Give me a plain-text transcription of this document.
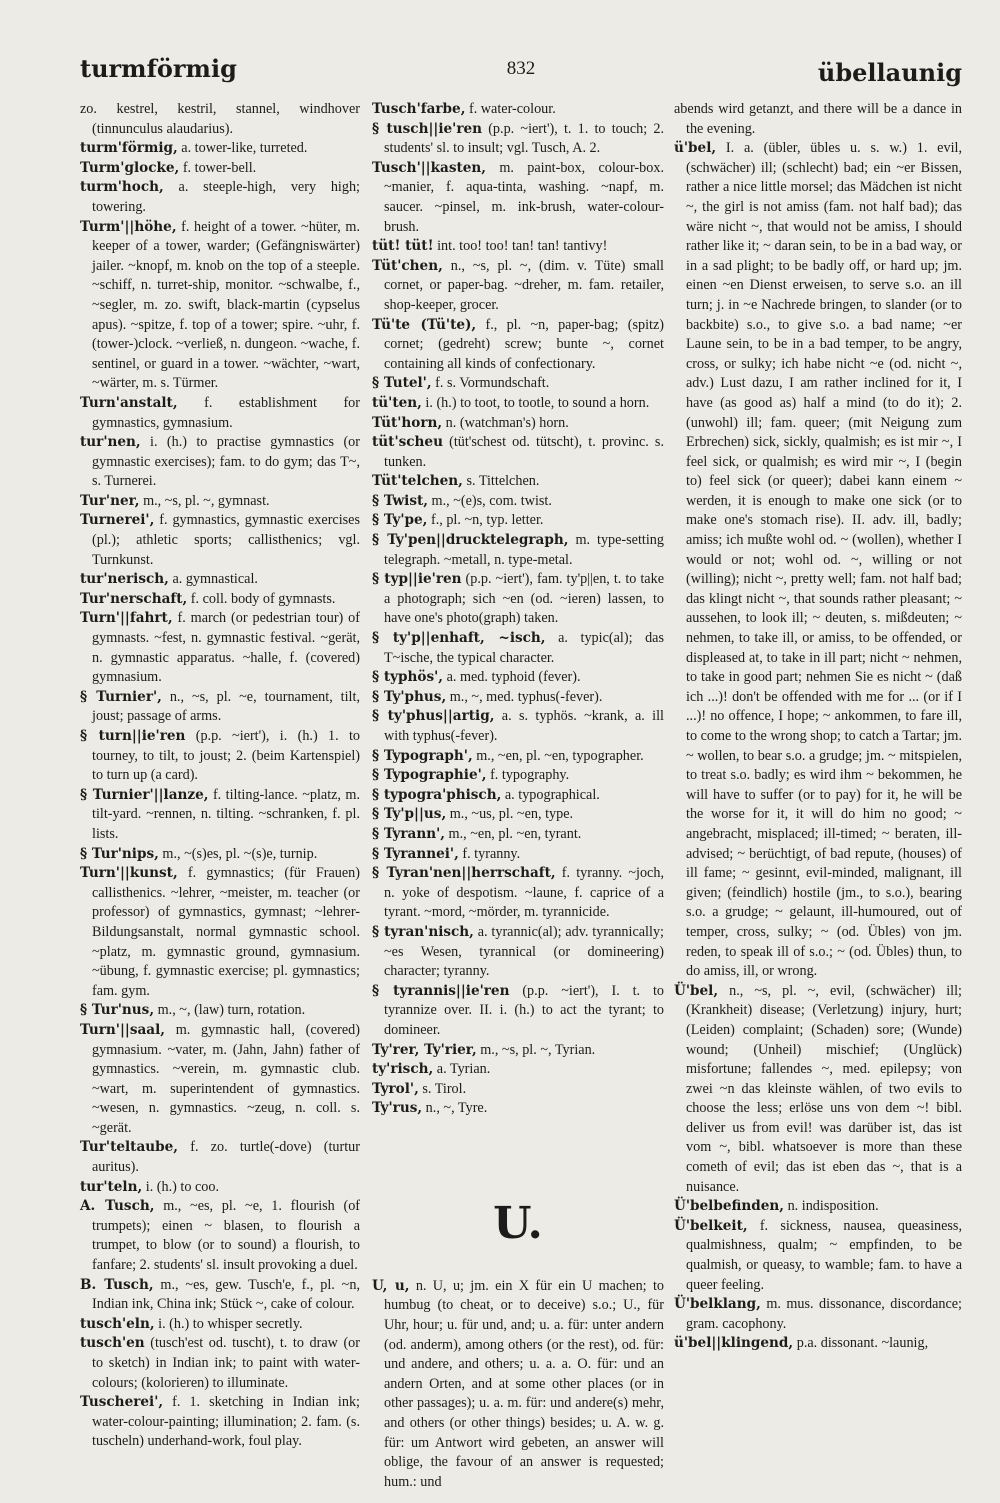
turmförmig	832	übellaunig

zo. kestrel, kestril, stannel, windhover (tinnunculus alaudarius).

turm'förmig, a. tower-like, turreted.

Turm'glocke, f. tower-bell.

turm'hoch, a. steeple-high, very high; towering.

Turm'||höhe, f. height of a tower. ~hüter, m. keeper of a tower, warder; (Gefängniswärter) jailer. ~knopf, m. knob on the top of a steeple. ~schiff, n. turret-ship, monitor. ~schwalbe, f., ~segler, m. zo. swift, black-martin (cypselus apus). ~spitze, f. top of a tower; spire. ~uhr, f. (tower-)clock. ~verließ, n. dungeon. ~wache, f. sentinel, or guard in a tower. ~wächter, ~wart, ~wärter, m. s. Türmer.

Turn'anstalt, f. establishment for gymnastics, gymnasium.

tur'nen, i. (h.) to practise gymnastics (or gymnastic exercises); fam. to do gym; das T~, s. Turnerei.

Tur'ner, m., ~s, pl. ~, gymnast.

Turnerei', f. gymnastics, gymnastic exercises (pl.); athletic sports; callisthenics; vgl. Turnkunst.

tur'nerisch, a. gymnastical.

Tur'nerschaft, f. coll. body of gymnasts.

Turn'||fahrt, f. march (or pedestrian tour) of gymnasts. ~fest, n. gymnastic festival. ~gerät, n. gymnastic apparatus. ~halle, f. (covered) gymnasium.

§ Turnier', n., ~s, pl. ~e, tournament, tilt, joust; passage of arms.

§ turn||ie'ren (p.p. ~iert'), i. (h.) 1. to tourney, to tilt, to joust; 2. (beim Kartenspiel) to turn up (a card).

§ Turnier'||lanze, f. tilting-lance. ~platz, m. tilt-yard. ~rennen, n. tilting. ~schranken, f. pl. lists.

§ Tur'nips, m., ~(s)es, pl. ~(s)e, turnip.

Turn'||kunst, f. gymnastics; (für Frauen) callisthenics. ~lehrer, ~meister, m. teacher (or professor) of gymnastics, gymnast; ~lehrer-Bildungsanstalt, normal gymnastic school. ~platz, m. gymnastic ground, gymnasium. ~übung, f. gymnastic exercise; pl. gymnastics; fam. gym.

§ Tur'nus, m., ~, (law) turn, rotation.

Turn'||saal, m. gymnastic hall, (covered) gymnasium. ~vater, m. (Jahn, Jahn) father of gymnastics. ~verein, m. gymnastic club. ~wart, m. superintendent of gymnastics. ~wesen, n. gymnastics. ~zeug, n. coll. s. ~gerät.

Tur'teltaube, f. zo. turtle(-dove) (turtur auritus).

tur'teln, i. (h.) to coo.

A. Tusch, m., ~es, pl. ~e, 1. flourish (of trumpets); einen ~ blasen, to flourish a trumpet, to blow (or to sound) a flourish, to fanfare; 2. students' sl. insult provoking a duel.

B. Tusch, m., ~es, gew. Tusch'e, f., pl. ~n, Indian ink, China ink; Stück ~, cake of colour.

tusch'eln, i. (h.) to whisper secretly.

tusch'en (tusch'est od. tuscht), t. to draw (or to sketch) in Indian ink; to paint with water-colours; (kolorieren) to illuminate.

Tuscherei', f. 1. sketching in Indian ink; water-colour-painting; illumination; 2. fam. (s. tuscheln) underhand-work, foul play.

Tusch'farbe, f. water-colour.

§ tusch||ie'ren (p.p. ~iert'), t. 1. to touch; 2. students' sl. to insult; vgl. Tusch, A. 2.

Tusch'||kasten, m. paint-box, colour-box. ~manier, f. aqua-tinta, washing. ~napf, m. saucer. ~pinsel, m. ink-brush, water-colour-brush.

tüt! tüt! int. too! too! tan! tan! tantivy!

Tüt'chen, n., ~s, pl. ~, (dim. v. Tüte) small cornet, or paper-bag. ~dreher, m. fam. retailer, shop-keeper, grocer.

Tü'te (Tü'te), f., pl. ~n, paper-bag; (spitz) cornet; (gedreht) screw; bunte ~, cornet containing all kinds of confectionary.

§ Tutel', f. s. Vormundschaft.

tü'ten, i. (h.) to toot, to tootle, to sound a horn.

Tüt'horn, n. (watchman's) horn.

tüt'scheu (tüt'schest od. tütscht), t. provinc. s. tunken.

Tüt'telchen, s. Tittelchen.

§ Twist, m., ~(e)s, com. twist.

§ Ty'pe, f., pl. ~n, typ. letter.

§ Ty'pen||drucktelegraph, m. type-setting telegraph. ~metall, n. type-metal.

§ typ||ie'ren (p.p. ~iert'), fam. ty'p||en, t. to take a photograph; sich ~en (od. ~ieren) lassen, to have one's photo(graph) taken.

§ ty'p||enhaft, ~isch, a. typic(al); das T~ische, the typical character.

§ typhös', a. med. typhoid (fever).

§ Ty'phus, m., ~, med. typhus(-fever).

§ ty'phus||artig, a. s. typhös. ~krank, a. ill with typhus(-fever).

§ Typograph', m., ~en, pl. ~en, typographer.

§ Typographie', f. typography.

§ typogra'phisch, a. typographical.

§ Ty'p||us, m., ~us, pl. ~en, type.

§ Tyrann', m., ~en, pl. ~en, tyrant.

§ Tyrannei', f. tyranny.

§ Tyran'nen||herrschaft, f. tyranny. ~joch, n. yoke of despotism. ~laune, f. caprice of a tyrant. ~mord, ~mörder, m. tyrannicide.

§ tyran'nisch, a. tyrannic(al); adv. tyrannically; ~es Wesen, tyrannical (or domineering) character; tyranny.

§ tyrannis||ie'ren (p.p. ~iert'), I. t. to tyrannize over. II. i. (h.) to act the tyrant; to domineer.

Ty'rer, Ty'rier, m., ~s, pl. ~, Tyrian.

ty'risch, a. Tyrian.

Tyrol', s. Tirol.

Ty'rus, n., ~, Tyre.

U.

U, u, n. U, u; jm. ein X für ein U machen; to humbug (to cheat, or to deceive) s.o.; U., für Uhr, hour; u. für und, and; u. a. für: unter andern (od. anderm), among others (or the rest), od. für: und andere, and others; u. a. a. O. für: und an andern Orten, and at some other places (or in other passages); u. a. m. für: und andere(s) mehr, and others (or other things) besides; u. A. w. g. für: um Antwort wird gebeten, an answer will oblige, the favour of an answer is requested; hum.: und

abends wird getanzt, and there will be a dance in the evening.

ü'bel, I. a. (übler, übles u. s. w.) 1. evil, (schwächer) ill; (schlecht) bad; ein ~er Bissen, rather a nice little morsel; das Mädchen ist nicht ~, the girl is not amiss (fam. not half bad); das wäre nicht ~, that would not be amiss, I should rather like it; ~ daran sein, to be in a bad way, or in a sad plight; to be badly off, or hard up; jm. einen ~en Dienst erweisen, to serve s.o. an ill turn; j. in ~e Nachrede bringen, to slander (or to backbite) s.o., to give s.o. a bad name; ~er Laune sein, to be in a bad temper, to be angry, cross, or sulky; ich habe nicht ~e (od. nicht ~, adv.) Lust dazu, I am rather inclined for it, I have (as good as) half a mind (to do it); 2. (unwohl) ill; fam. queer; (mit Neigung zum Erbrechen) sick, sickly, qualmish; es ist mir ~, I feel sick, or qualmish; es wird mir ~, I (begin to) feel sick (or queer); dabei kann einem ~ werden, it is enough to make one sick (or to make one's stomach rise). II. adv. ill, badly; amiss; ich mußte wohl od. ~ (wollen), whether I would or not; wohl od. ~, willing or not (willing); nicht ~, pretty well; fam. not half bad; das klingt nicht ~, that sounds rather pleasant; ~ aussehen, to look ill; ~ deuten, s. mißdeuten; ~ nehmen, to take ill, or amiss, to be offended, or displeased at, to take in ill part; nicht ~ nehmen, to take in good part; nehmen Sie es nicht ~ (daß ich ...)! don't be offended with me for ... (or if I ...)! no offence, I hope; ~ ankommen, to fare ill, to come to the wrong shop; to catch a Tartar; jm. ~ wollen, to bear s.o. a grudge; jm. ~ mitspielen, to treat s.o. badly; es wird ihm ~ bekommen, he will have to suffer (or to pay) for it, he will be the worse for it, it will do him no good; ~ angebracht, misplaced; ill-timed; ~ beraten, ill-advised; ~ berüchtigt, of bad repute, (houses) of ill fame; ~ gesinnt, evil-minded, malignant, ill given; (feindlich) hostile (jm., to s.o.), bearing s.o. a grudge; ~ gelaunt, ill-humoured, out of temper, cross, sulky; ~ (od. Übles) von jm. reden, to speak ill of s.o.; ~ (od. Übles) thun, to do amiss, ill, or wrong.

Ü'bel, n., ~s, pl. ~, evil, (schwächer) ill; (Krankheit) disease; (Verletzung) injury, hurt; (Leiden) complaint; (Schaden) sore; (Wunde) wound; (Unheil) mischief; (Unglück) misfortune; fallendes ~, med. epilepsy; von zwei ~n das kleinste wählen, of two evils to choose the less; erlöse uns von dem ~! bibl. deliver us from evil! was darüber ist, das ist vom ~, bibl. whatsoever is more than these cometh of evil; das ist eben das ~, that is a nuisance.

Ü'belbefinden, n. indisposition.

Ü'belkeit, f. sickness, nausea, queasiness, qualmishness, qualm; ~ empfinden, to be qualmish, or queasy, to wamble; fam. to have a queer feeling.

Ü'belklang, m. mus. dissonance, discordance; gram. cacophony.

ü'bel||klingend, p.a. dissonant. ~launig,
